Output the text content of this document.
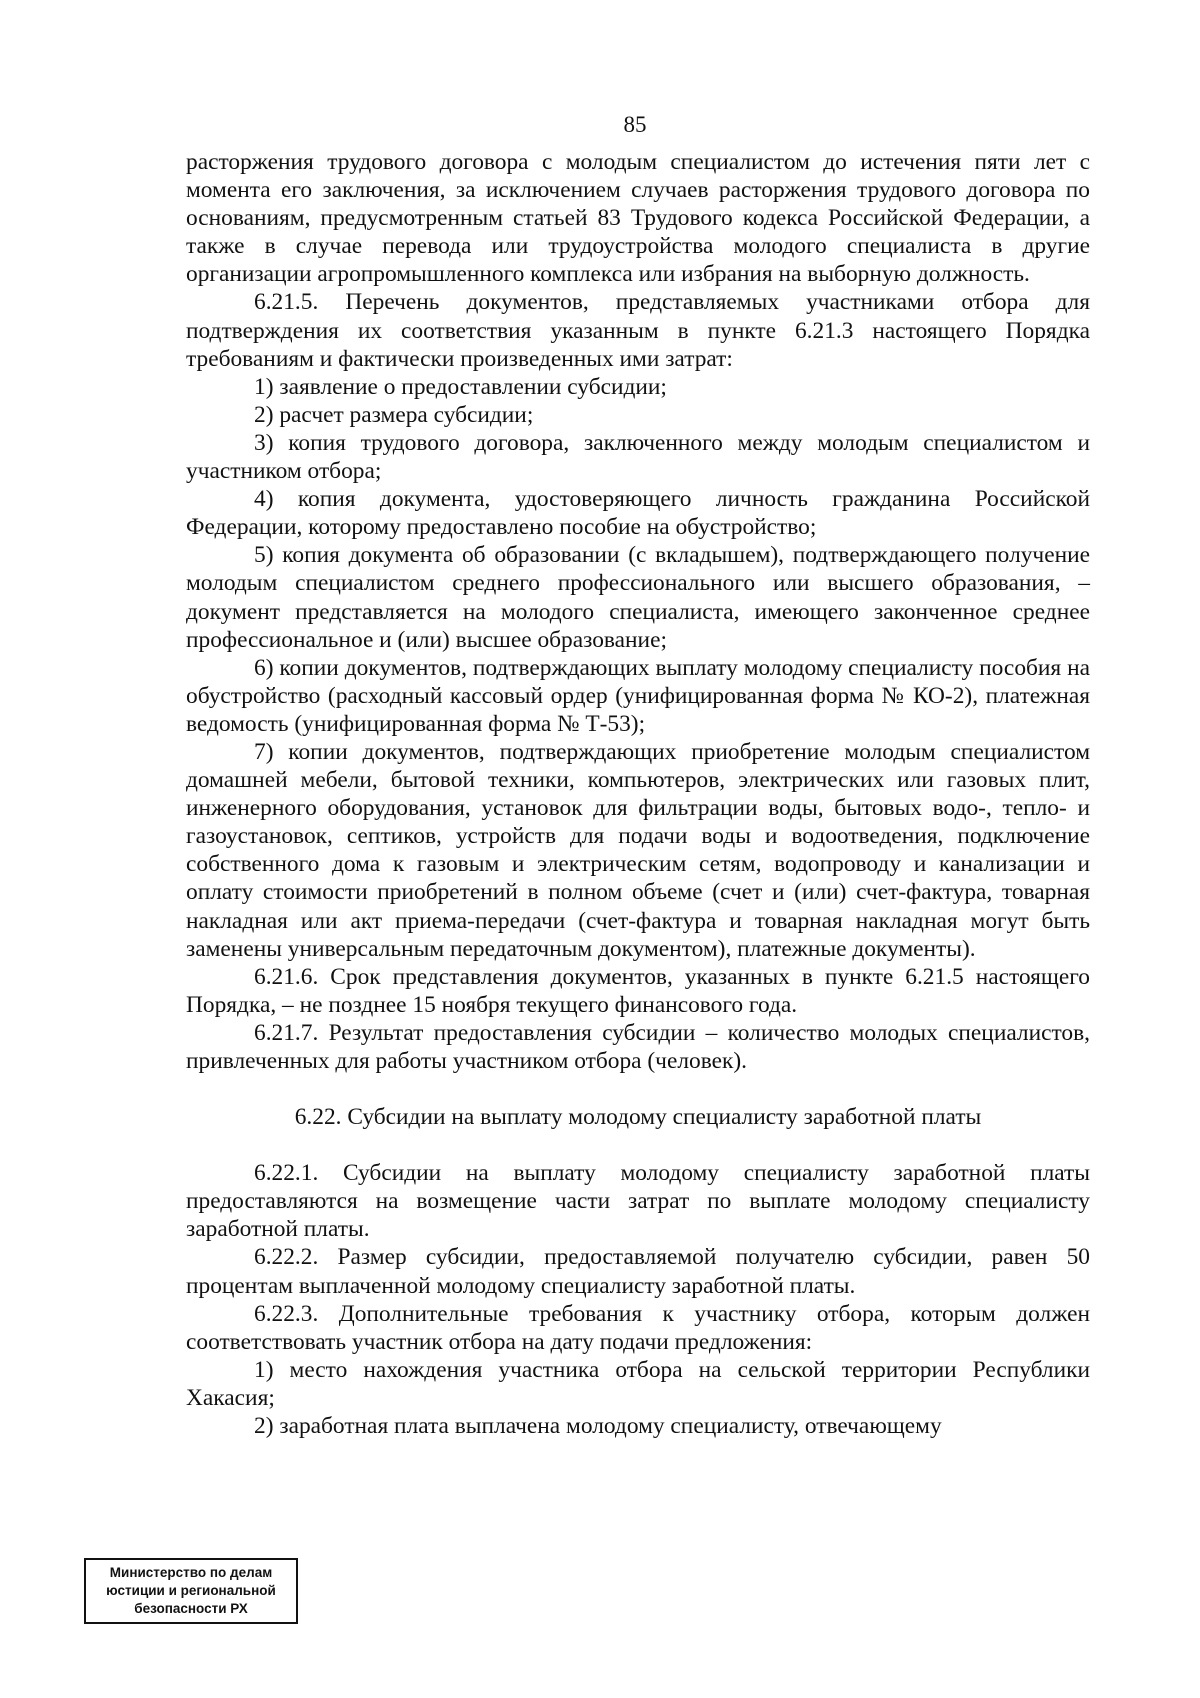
85

расторжения трудового договора с молодым специалистом до истечения пяти лет с момента его заключения, за исключением случаев расторжения трудового договора по основаниям, предусмотренным статьей 83 Трудового кодекса Российской Федерации, а также в случае перевода или трудоустройства молодого специалиста в другие организации агропромышленного комплекса или избрания на выборную должность.

6.21.5. Перечень документов, представляемых участниками отбора для подтверждения их соответствия указанным в пункте 6.21.3 настоящего Порядка требованиям и фактически произведенных ими затрат:

1) заявление о предоставлении субсидии;

2) расчет размера субсидии;

3) копия трудового договора, заключенного между молодым специалистом и участником отбора;

4) копия документа, удостоверяющего личность гражданина Российской Федерации, которому предоставлено пособие на обустройство;

5) копия документа об образовании (с вкладышем), подтверждающего получение молодым специалистом среднего профессионального или высшего образования, – документ представляется на молодого специалиста, имеющего законченное среднее профессиональное и (или) высшее образование;

6) копии документов, подтверждающих выплату молодому специалисту пособия на обустройство (расходный кассовый ордер (унифицированная форма № КО-2), платежная ведомость (унифицированная форма № Т-53);

7) копии документов, подтверждающих приобретение молодым специалистом домашней мебели, бытовой техники, компьютеров, электрических или газовых плит, инженерного оборудования, установок для фильтрации воды, бытовых водо-, тепло- и газоустановок, септиков, устройств для подачи воды и водоотведения, подключение собственного дома к газовым и электрическим сетям, водопроводу и канализации и оплату стоимости приобретений в полном объеме (счет и (или) счет-фактура, товарная накладная или акт приема-передачи (счет-фактура и товарная накладная могут быть заменены универсальным передаточным документом), платежные документы).

6.21.6. Срок представления документов, указанных в пункте 6.21.5 настоящего Порядка, – не позднее 15 ноября текущего финансового года.

6.21.7. Результат предоставления субсидии – количество молодых специалистов, привлеченных для работы участником отбора (человек).

6.22. Субсидии на выплату молодому специалисту заработной платы

6.22.1. Субсидии на выплату молодому специалисту заработной платы предоставляются на возмещение части затрат по выплате молодому специалисту заработной платы.

6.22.2. Размер субсидии, предоставляемой получателю субсидии, равен 50 процентам выплаченной молодому специалисту заработной платы.

6.22.3. Дополнительные требования к участнику отбора, которым должен соответствовать участник отбора на дату подачи предложения:

1) место нахождения участника отбора на сельской территории Республики Хакасия;

2) заработная плата выплачена молодому специалисту, отвечающему

Министерство по делам
юстиции и региональной
безопасности РХ
